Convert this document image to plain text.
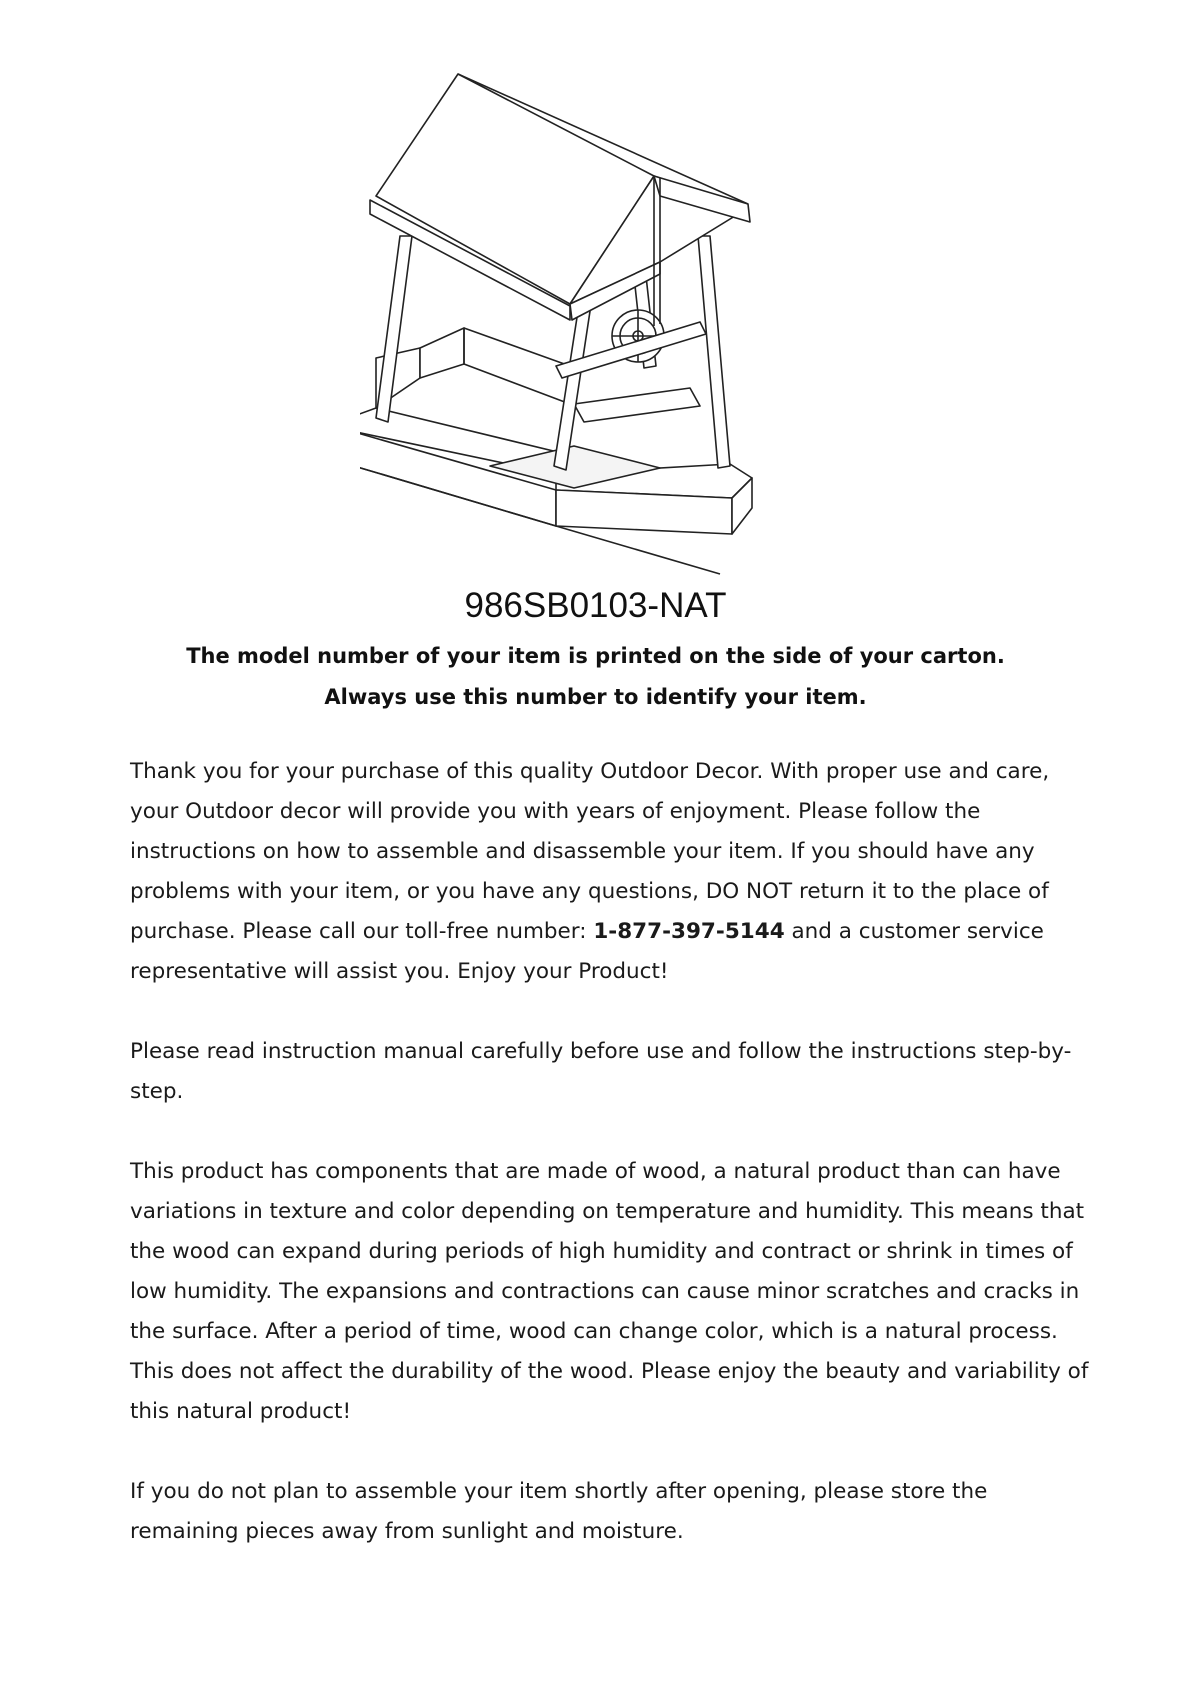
986SB0103-NAT

The model number of your item is printed on the side of your carton.

Always use this number to identify your item.

Thank you for your purchase of this quality Outdoor Decor. With proper use and care, your Outdoor decor will provide you with years of enjoyment. Please follow the instructions on how to assemble and disassemble your item. If you should have any problems with your item, or you have any questions, DO NOT return it to the place of purchase. Please call our toll-free number: 1-877-397-5144 and a customer service representative will assist you. Enjoy your Product!

Please read instruction manual carefully before use and follow the instructions step-by-step.

This product has components that are made of wood, a natural product than can have variations in texture and color depending on temperature and humidity. This means that the wood can expand during periods of high humidity and contract or shrink in times of low humidity. The expansions and contractions can cause minor scratches and cracks in the surface. After a period of time, wood can change color, which is a natural process. This does not affect the durability of the wood. Please enjoy the beauty and variability of this natural product!

If you do not plan to assemble your item shortly after opening, please store the remaining pieces away from sunlight and moisture.
